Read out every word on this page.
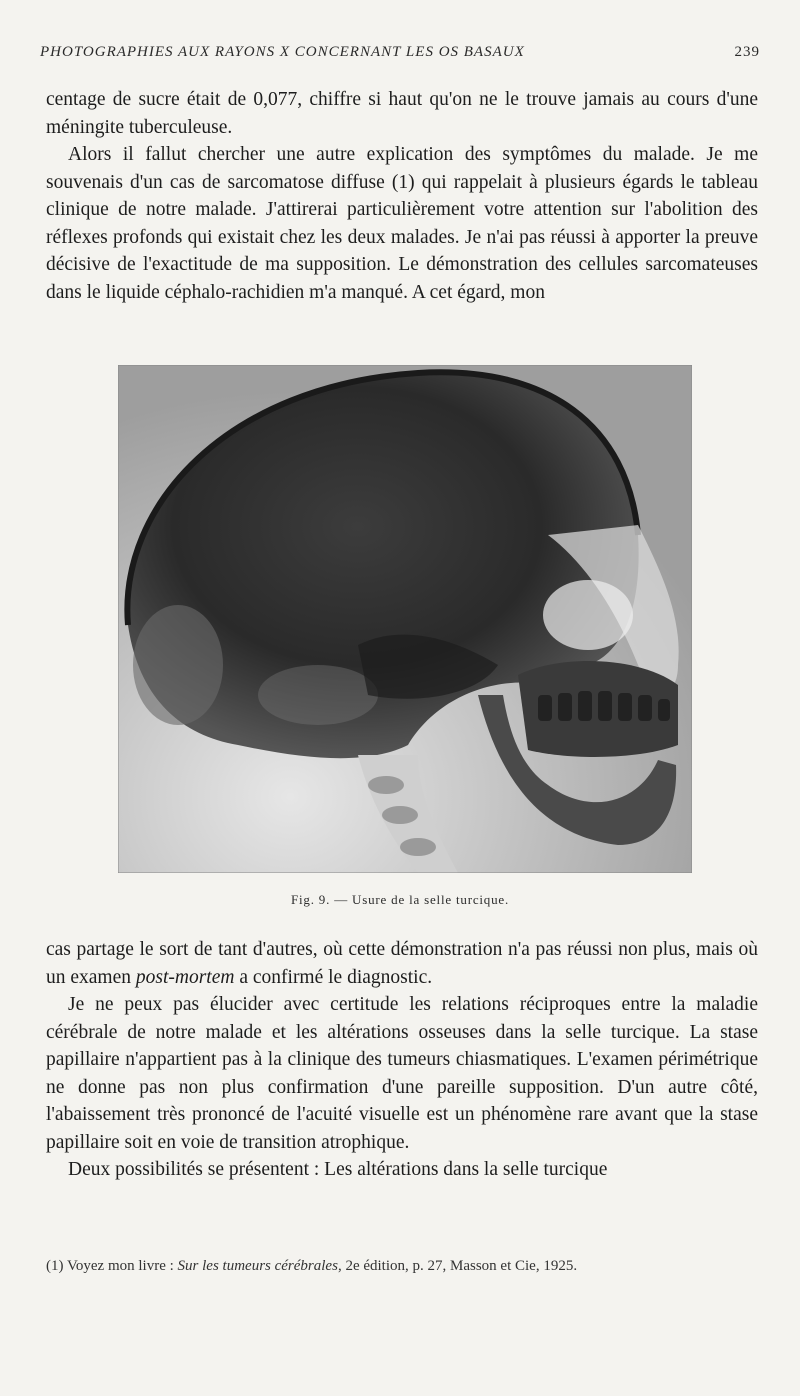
PHOTOGRAPHIES AUX RAYONS X CONCERNANT LES OS BASAUX	239

centage de sucre était de 0,077, chiffre si haut qu'on ne le trouve jamais au cours d'une méningite tuberculeuse.

Alors il fallut chercher une autre explication des symptômes du malade. Je me souvenais d'un cas de sarcomatose diffuse (1) qui rappelait à plusieurs égards le tableau clinique de notre malade. J'attirerai particulièrement votre attention sur l'abolition des réflexes profonds qui existait chez les deux malades. Je n'ai pas réussi à apporter la preuve décisive de l'exactitude de ma supposition. Le démonstration des cellules sarcomateuses dans le liquide céphalo-rachidien m'a manqué. A cet égard, mon

Fig. 9. — Usure de la selle turcique.

cas partage le sort de tant d'autres, où cette démonstration n'a pas réussi non plus, mais où un examen post-mortem a confirmé le diagnostic.

Je ne peux pas élucider avec certitude les relations réciproques entre la maladie cérébrale de notre malade et les altérations osseuses dans la selle turcique. La stase papillaire n'appartient pas à la clinique des tumeurs chiasmatiques. L'examen périmétrique ne donne pas non plus confirmation d'une pareille supposition. D'un autre côté, l'abaissement très prononcé de l'acuité visuelle est un phénomène rare avant que la stase papillaire soit en voie de transition atrophique.

Deux possibilités se présentent : Les altérations dans la selle turcique

(1) Voyez mon livre : Sur les tumeurs cérébrales, 2e édition, p. 27, Masson et Cie, 1925.
